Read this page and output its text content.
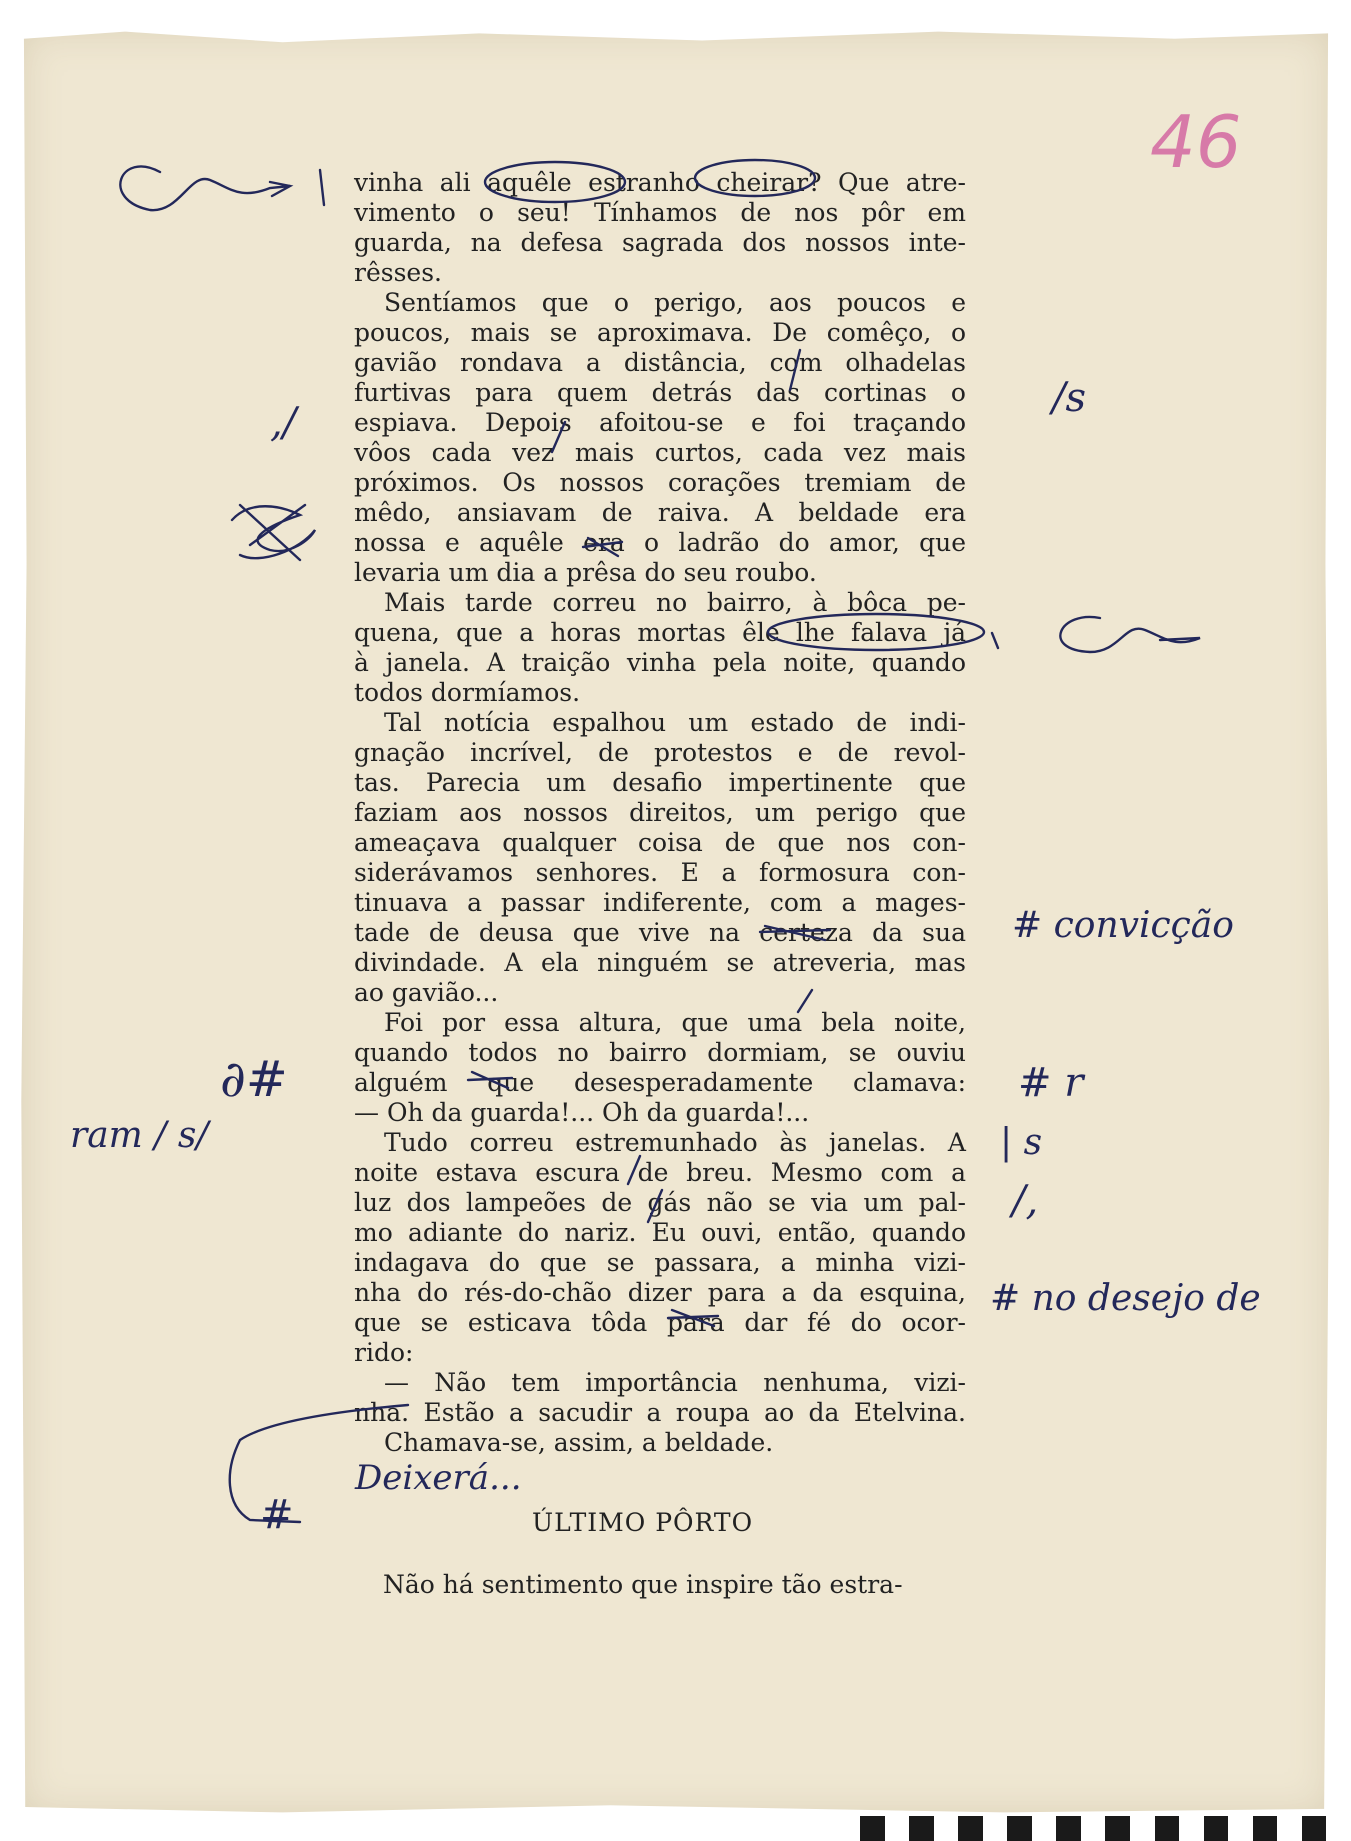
46
vinha ali aquêle estranho cheirar? Que atre-
vimento o seu! Tínhamos de nos pôr em
guarda, na defesa sagrada dos nossos inte-
rêsses.
Sentíamos que o perigo, aos poucos e
poucos, mais se aproximava. De comêço, o
gavião rondava a distância, com olhadelas
furtivas para quem detrás das cortinas o
espiava. Depois afoitou-se e foi traçando
vôos cada vez mais curtos, cada vez mais
próximos. Os nossos corações tremiam de
mêdo, ansiavam de raiva. A beldade era
nossa e aquêle era o ladrão do amor, que
levaria um dia a prêsa do seu roubo.
Mais tarde correu no bairro, à bôca pe-
quena, que a horas mortas êle lhe falava já
à janela. A traição vinha pela noite, quando
todos dormíamos.
Tal notícia espalhou um estado de indi-
gnação incrível, de protestos e de revol-
tas. Parecia um desafio impertinente que
faziam aos nossos direitos, um perigo que
ameaçava qualquer coisa de que nos con-
siderávamos senhores. E a formosura con-
tinuava a passar indiferente, com a mages-
tade de deusa que vive na certeza da sua
divindade. A ela ninguém se atreveria, mas
ao gavião...
Foi por essa altura, que uma bela noite,
quando todos no bairro dormiam, se ouviu
alguém que desesperadamente clamava:
— Oh da guarda!... Oh da guarda!...
Tudo correu estremunhado às janelas. A
noite estava escura de breu. Mesmo com a
luz dos lampeões de gás não se via um pal-
mo adiante do nariz. Eu ouvi, então, quando
indagava do que se passara, a minha vizi-
nha do rés-do-chão dizer para a da esquina,
que se esticava tôda para dar fé do ocor-
rido:
— Não tem importância nenhuma, vizi-
nha. Estão a sacudir a roupa ao da Etelvina.
Chamava-se, assim, a beldade.
ÚLTIMO PÔRTO
Não há sentimento que inspire tão estra-
/s
# convicção
# r
| s
/,
# no desejo de
,/
∂#
ram / s/
Deixerá...
#
